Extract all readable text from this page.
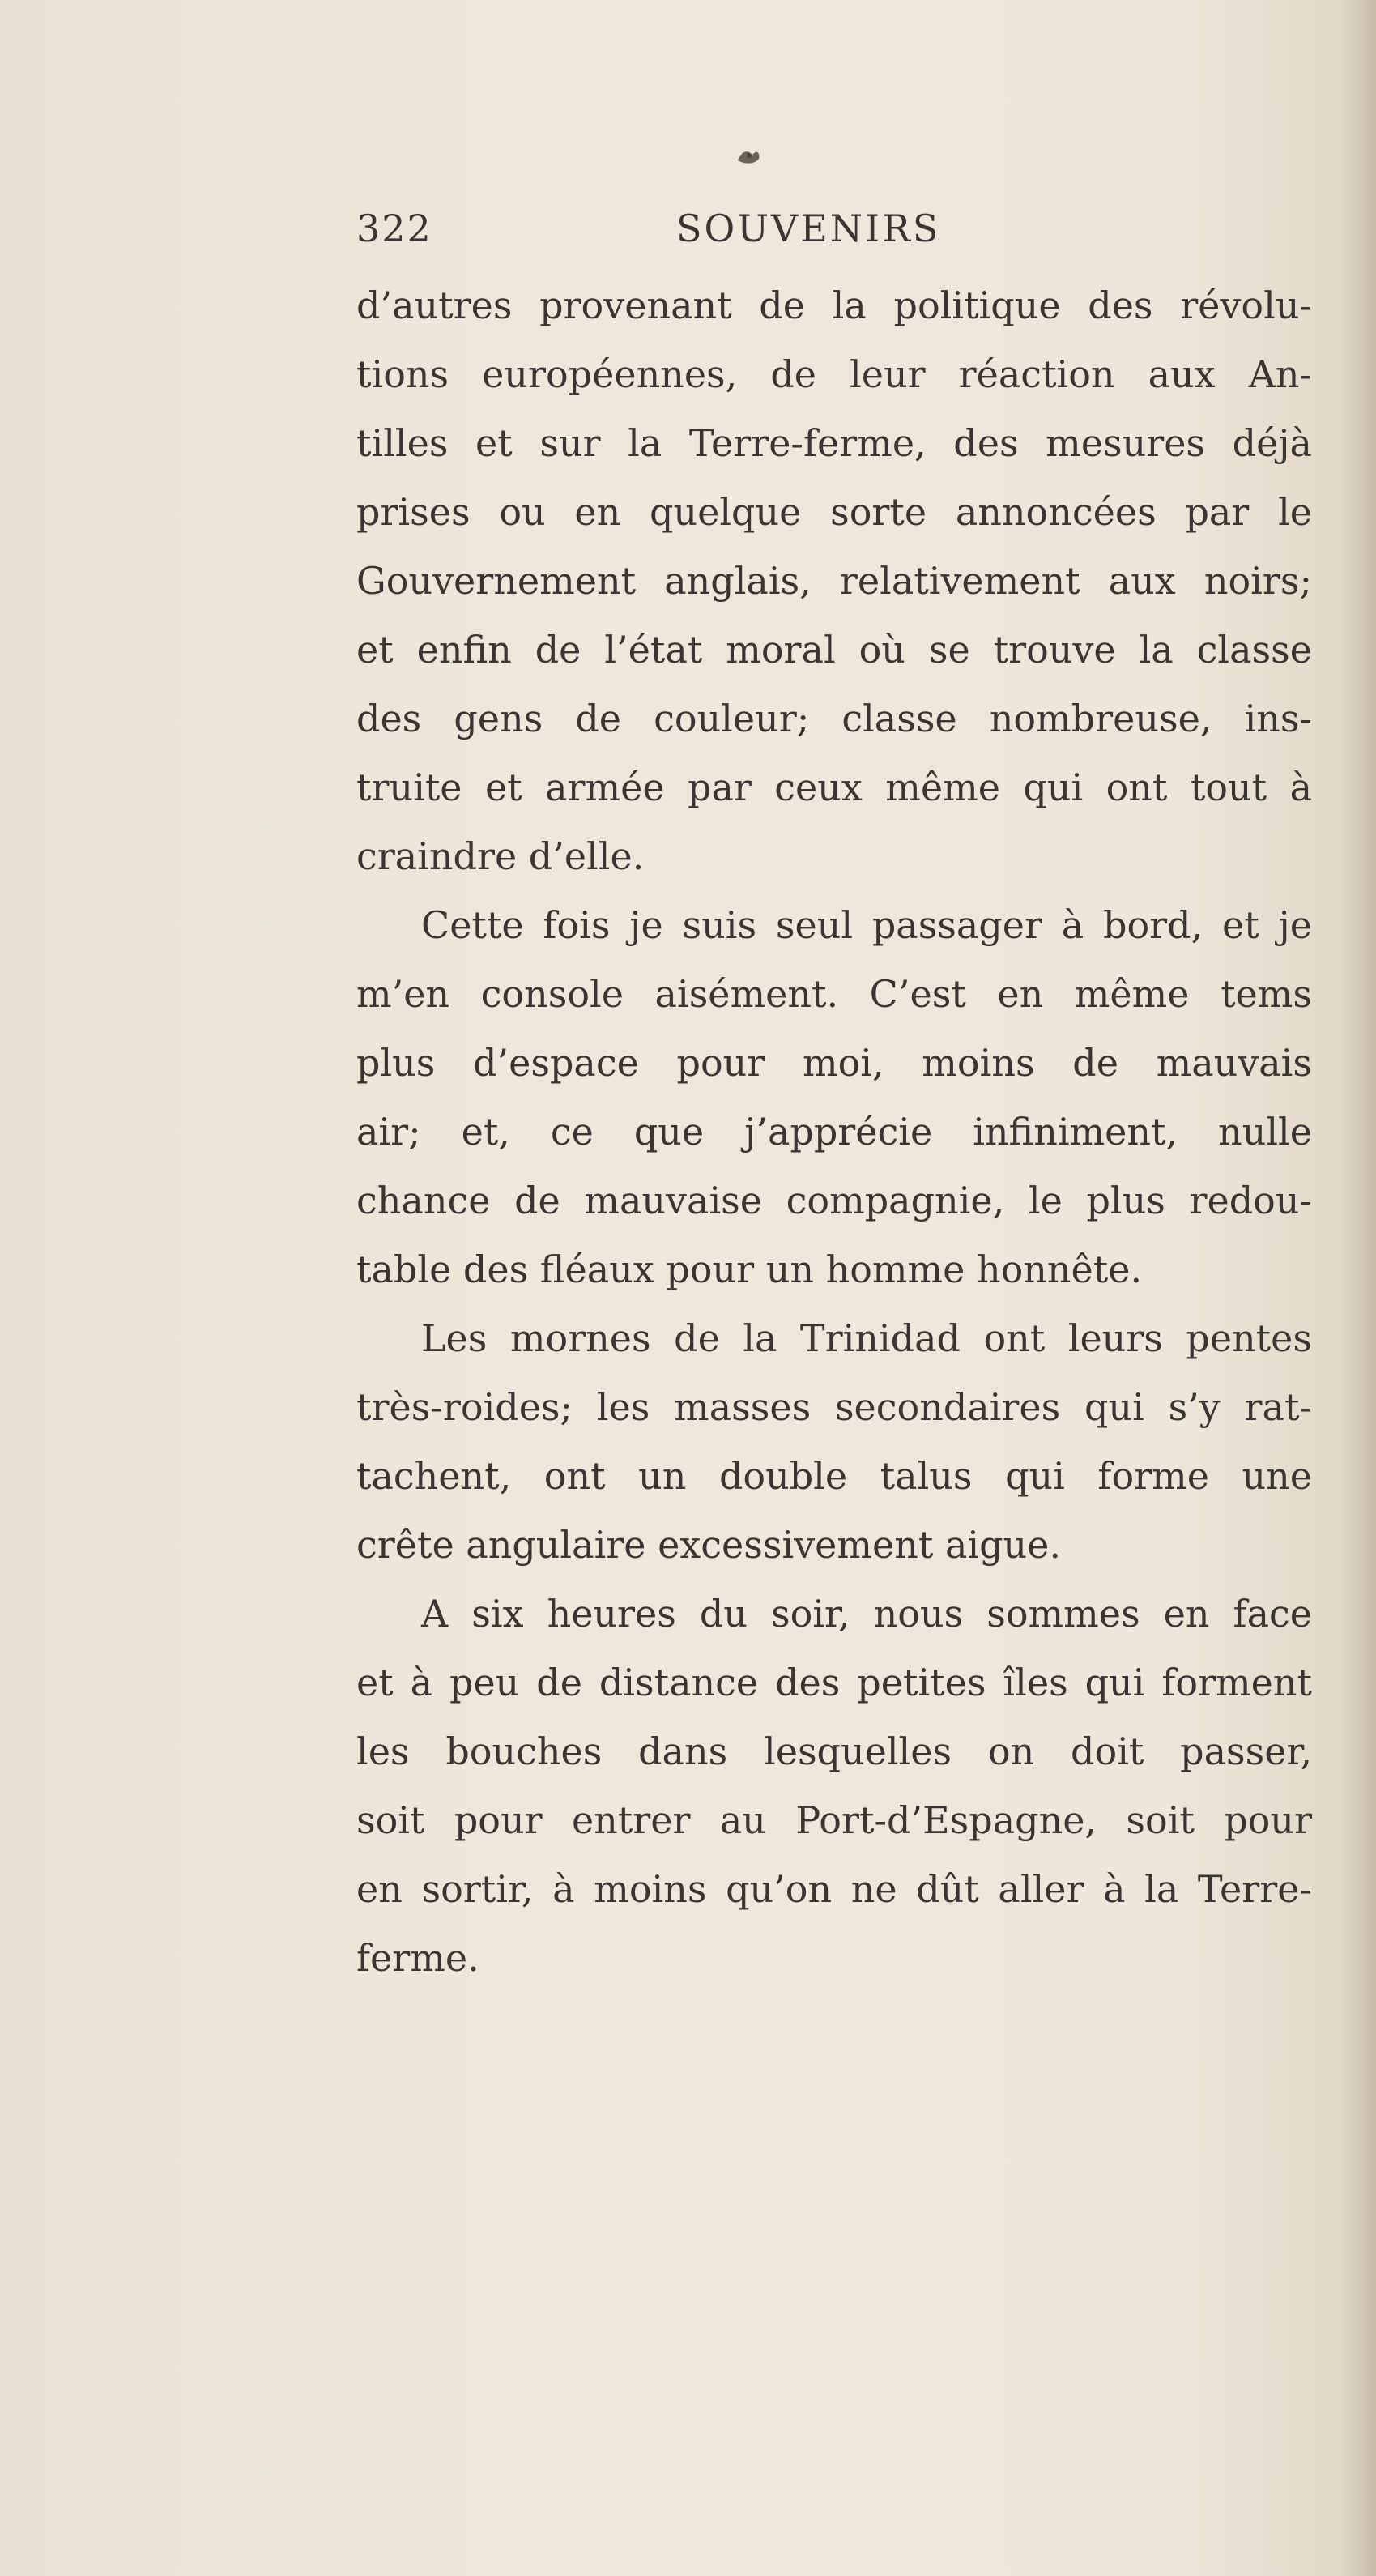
322	SOUVENIRS
d’autres provenant de la politique des révolu-
tions européennes, de leur réaction aux An-
tilles et sur la Terre-ferme, des mesures déjà
prises ou en quelque sorte annoncées par le
Gouvernement anglais, relativement aux noirs;
et enfin de l’état moral où se trouve la classe
des gens de couleur; classe nombreuse, ins-
truite et armée par ceux même qui ont tout à
craindre d’elle.
Cette fois je suis seul passager à bord, et je
m’en console aisément. C’est en même tems
plus d’espace pour moi, moins de mauvais
air; et, ce que j’apprécie infiniment, nulle
chance de mauvaise compagnie, le plus redou-
table des fléaux pour un homme honnête.
Les mornes de la Trinidad ont leurs pentes
très-roides; les masses secondaires qui s’y rat-
tachent, ont un double talus qui forme une
crête angulaire excessivement aigue.
A six heures du soir, nous sommes en face
et à peu de distance des petites îles qui forment
les bouches dans lesquelles on doit passer,
soit pour entrer au Port-d’Espagne, soit pour
en sortir, à moins qu’on ne dût aller à la Terre-
ferme.
